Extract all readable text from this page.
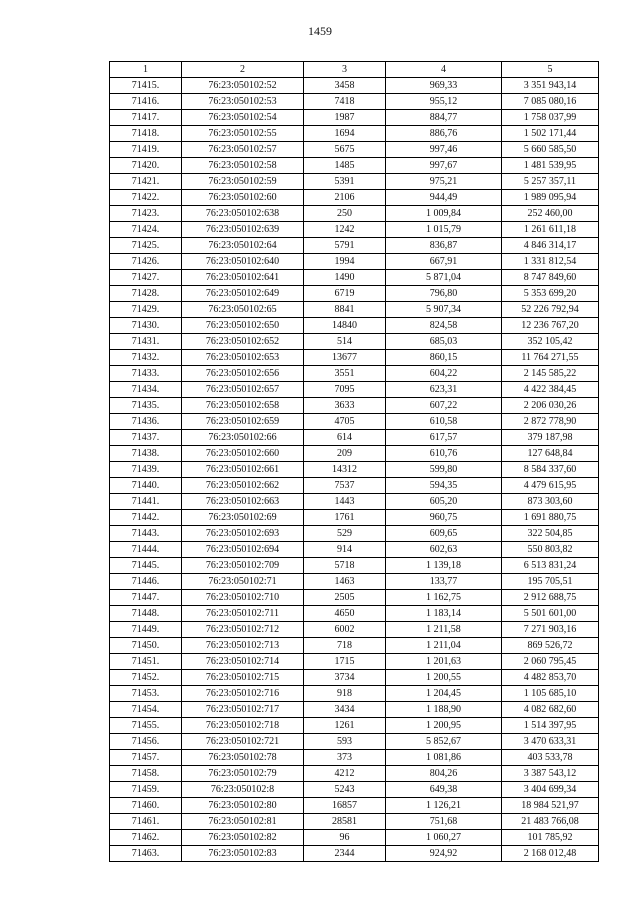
1459
1	2	3	4	5
71415.	76:23:050102:52	3458	969,33	3 351 943,14
71416.	76:23:050102:53	7418	955,12	7 085 080,16
71417.	76:23:050102:54	1987	884,77	1 758 037,99
71418.	76:23:050102:55	1694	886,76	1 502 171,44
71419.	76:23:050102:57	5675	997,46	5 660 585,50
71420.	76:23:050102:58	1485	997,67	1 481 539,95
71421.	76:23:050102:59	5391	975,21	5 257 357,11
71422.	76:23:050102:60	2106	944,49	1 989 095,94
71423.	76:23:050102:638	250	1 009,84	252 460,00
71424.	76:23:050102:639	1242	1 015,79	1 261 611,18
71425.	76:23:050102:64	5791	836,87	4 846 314,17
71426.	76:23:050102:640	1994	667,91	1 331 812,54
71427.	76:23:050102:641	1490	5 871,04	8 747 849,60
71428.	76:23:050102:649	6719	796,80	5 353 699,20
71429.	76:23:050102:65	8841	5 907,34	52 226 792,94
71430.	76:23:050102:650	14840	824,58	12 236 767,20
71431.	76:23:050102:652	514	685,03	352 105,42
71432.	76:23:050102:653	13677	860,15	11 764 271,55
71433.	76:23:050102:656	3551	604,22	2 145 585,22
71434.	76:23:050102:657	7095	623,31	4 422 384,45
71435.	76:23:050102:658	3633	607,22	2 206 030,26
71436.	76:23:050102:659	4705	610,58	2 872 778,90
71437.	76:23:050102:66	614	617,57	379 187,98
71438.	76:23:050102:660	209	610,76	127 648,84
71439.	76:23:050102:661	14312	599,80	8 584 337,60
71440.	76:23:050102:662	7537	594,35	4 479 615,95
71441.	76:23:050102:663	1443	605,20	873 303,60
71442.	76:23:050102:69	1761	960,75	1 691 880,75
71443.	76:23:050102:693	529	609,65	322 504,85
71444.	76:23:050102:694	914	602,63	550 803,82
71445.	76:23:050102:709	5718	1 139,18	6 513 831,24
71446.	76:23:050102:71	1463	133,77	195 705,51
71447.	76:23:050102:710	2505	1 162,75	2 912 688,75
71448.	76:23:050102:711	4650	1 183,14	5 501 601,00
71449.	76:23:050102:712	6002	1 211,58	7 271 903,16
71450.	76:23:050102:713	718	1 211,04	869 526,72
71451.	76:23:050102:714	1715	1 201,63	2 060 795,45
71452.	76:23:050102:715	3734	1 200,55	4 482 853,70
71453.	76:23:050102:716	918	1 204,45	1 105 685,10
71454.	76:23:050102:717	3434	1 188,90	4 082 682,60
71455.	76:23:050102:718	1261	1 200,95	1 514 397,95
71456.	76:23:050102:721	593	5 852,67	3 470 633,31
71457.	76:23:050102:78	373	1 081,86	403 533,78
71458.	76:23:050102:79	4212	804,26	3 387 543,12
71459.	76:23:050102:8	5243	649,38	3 404 699,34
71460.	76:23:050102:80	16857	1 126,21	18 984 521,97
71461.	76:23:050102:81	28581	751,68	21 483 766,08
71462.	76:23:050102:82	96	1 060,27	101 785,92
71463.	76:23:050102:83	2344	924,92	2 168 012,48
